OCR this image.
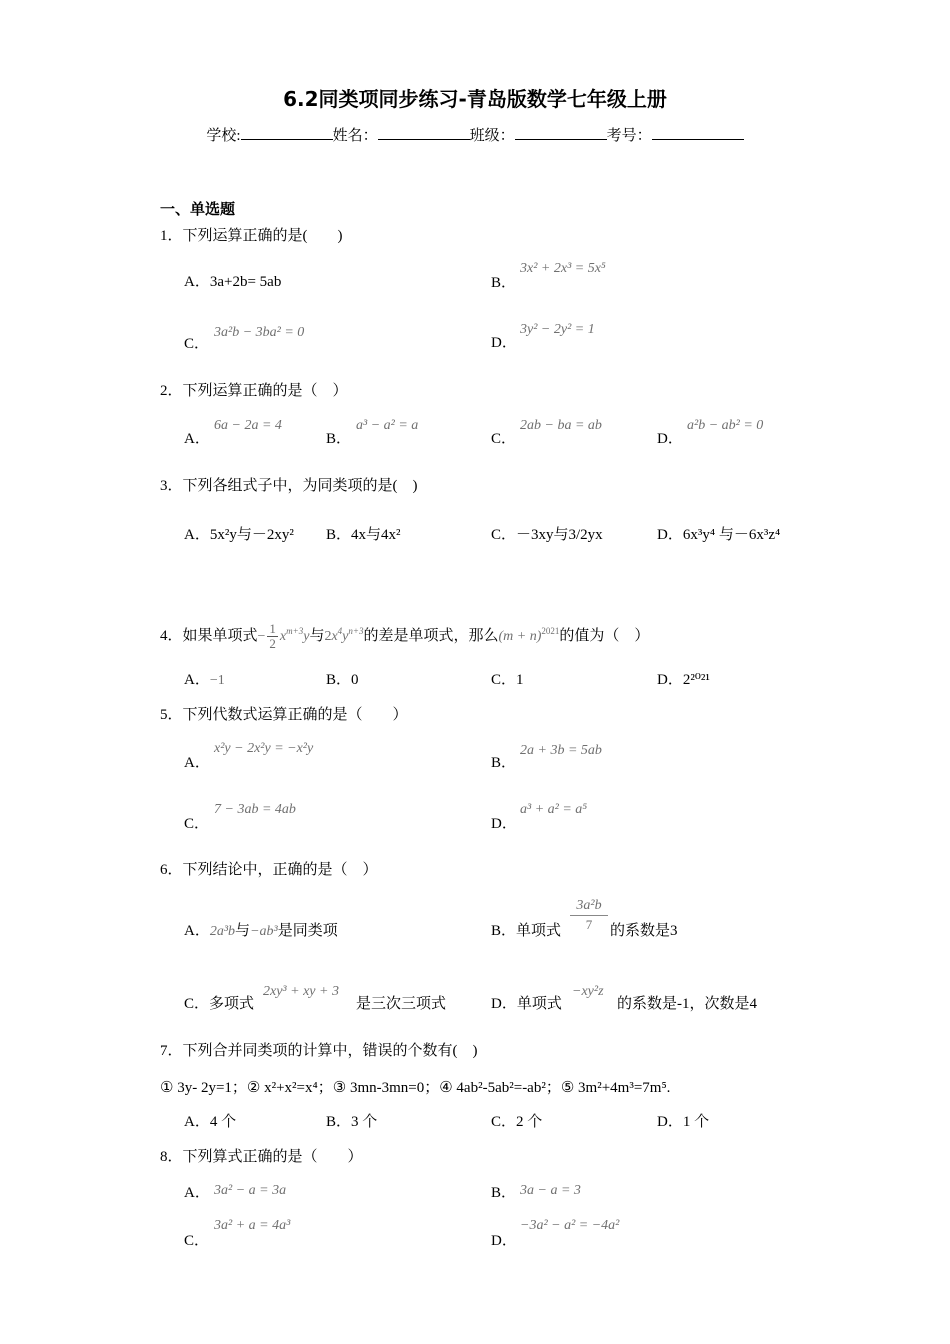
6.2同类项同步练习-青岛版数学七年级上册
学校:	姓名：	班级：	考号：
一、单选题
1．下列运算正确的是(　　)
A．3a+2b= 5ab	B．
3x² + 2x³ = 5x⁵
C．
3a²b − 3ba² = 0
D．
3y² − 2y² = 1
2．下列运算正确的是（　）
A．
6a − 2a = 4
B．
a³ − a² = a
C．
2ab − ba = ab
D．
a²b − ab² = 0
3．下列各组式子中，为同类项的是(　)
A．5x²y与－2xy² B．4x与4x²	C．－3xy与3/2yx	D．6x³y⁴ 与－6x³z⁴
4．如果单项式− $\frac{1}{2} x^{m+3}y$与$2x^4y^{n+3}$的差是单项式，那么$(m + n)^{2021}$的值为（　）
A．−1	B．0	C．1	D．2²⁰²¹
5．下列代数式运算正确的是（　　）
A．
x²y − 2x²y = −x²y
B．
2a + 3b = 5ab
C．
7 − 3ab = 4ab
D．
a³ + a² = a⁵
6．下列结论中，正确的是（　）
A．2a³b与−ab³是同类项	B．单项式 $\frac{\text{3a²b}}{7}$ 的系数是3
C．多项式
2xy³ + xy + 3
是三次三项式	D．单项式
−xy²z
的系数是-1，次数是4
7．下列合并同类项的计算中，错误的个数有(　)
① 3y- 2y=1；② x²+x²=x⁴；③ 3mn-3mn=0；④ 4ab²-5ab²=-ab²；⑤ 3m²+4m³=7m⁵.
A．4 个	B．3 个	C．2 个	D．1 个
8．下列算式正确的是（　　）
A． 3a² − a = 3a	B． 3a − a = 3
C．
3a² + a = 4a³
D．
−3a² − a² = −4a²
